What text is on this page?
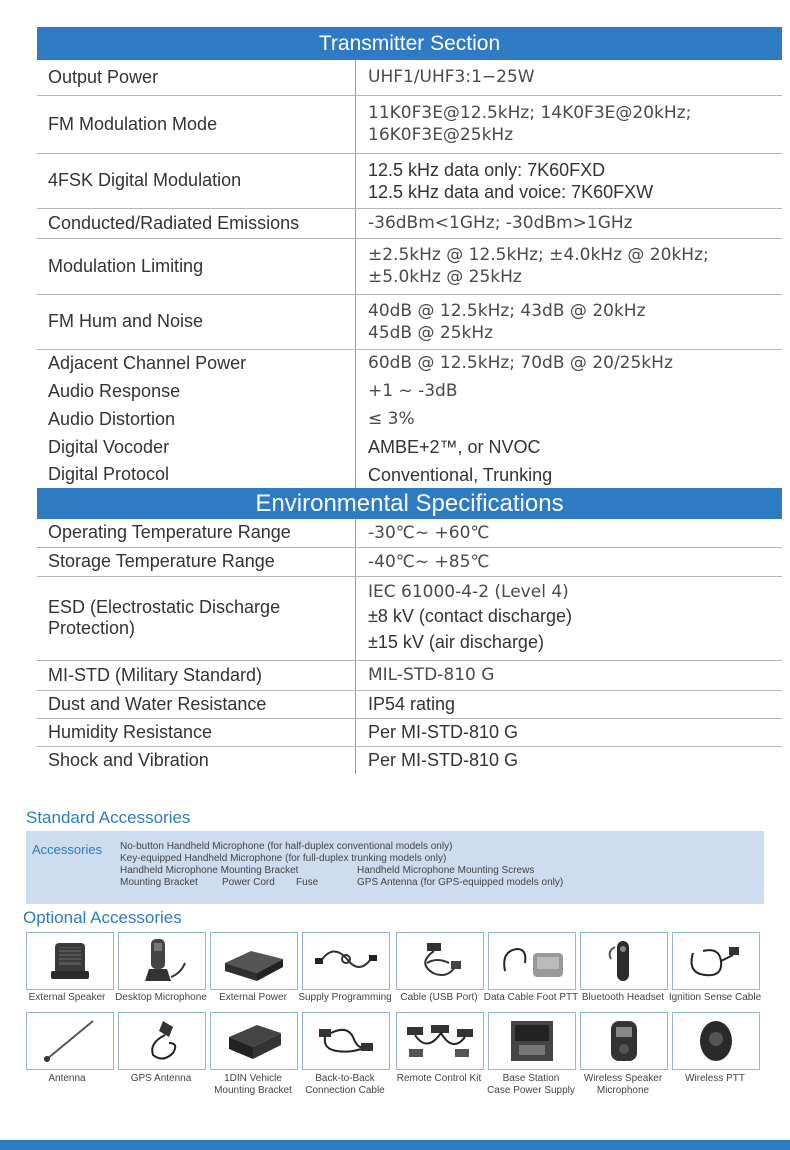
Transmitter Section
Output Power	UHF1/UHF3:1−25W
FM Modulation Mode	11K0F3E@12.5kHz; 14K0F3E@20kHz;
16K0F3E@25kHz

4FSK Digital Modulation	12.5 kHz data only: 7K60FXD
12.5 kHz data and voice: 7K60FXW

Conducted/Radiated Emissions	-36dBm<1GHz; -30dBm>1GHz
Modulation Limiting	±2.5kHz @ 12.5kHz; ±4.0kHz @ 20kHz;
±5.0kHz @ 25kHz

FM Hum and Noise	40dB @ 12.5kHz; 43dB @ 20kHz
45dB @ 25kHz

Adjacent Channel Power	60dB @ 12.5kHz; 70dB @ 20/25kHz
Audio Response	+1 ~ -3dB
Audio Distortion	≤ 3%
Digital Vocoder	AMBE+2™, or NVOC
Digital Protocol	Conventional, Trunking
Environmental Specifications
Operating Temperature Range	-30℃~ +60℃
Storage Temperature Range	-40℃~ +85℃
ESD (Electrostatic Discharge Protection)	IEC 61000-4-2 (Level 4)
±8 kV (contact discharge)
±15 kV (air discharge)

MI-STD (Military Standard)	MIL-STD-810 G
Dust and Water Resistance	IP54 rating
Humidity Resistance	Per MI-STD-810 G
Shock and Vibration	Per MI-STD-810 G
Standard Accessories
Accessories No-button Handheld Microphone (for half-duplex conventional models only)
Key-equipped Handheld Microphone (for full-duplex trunking models only)
Handheld Microphone Mounting Bracket	Handheld Microphone Mounting Screws
Mounting Bracket Power Cord Fuse	GPS Antenna (for GPS-equipped models only)
Optional Accessories
External Speaker Desktop Microphone	External Power	Supply Programming Cable (USB Port) Data Cable Foot PTT Bluetooth Headset Ignition Sense Cable
Antenna	GPS Antenna	1DIN Vehicle
Mounting Bracket
Back-to-Back
Connection Cable
Remote Control Kit	Base Station
Case Power Supply
Wireless Speaker
Microphone
Wireless PTT
